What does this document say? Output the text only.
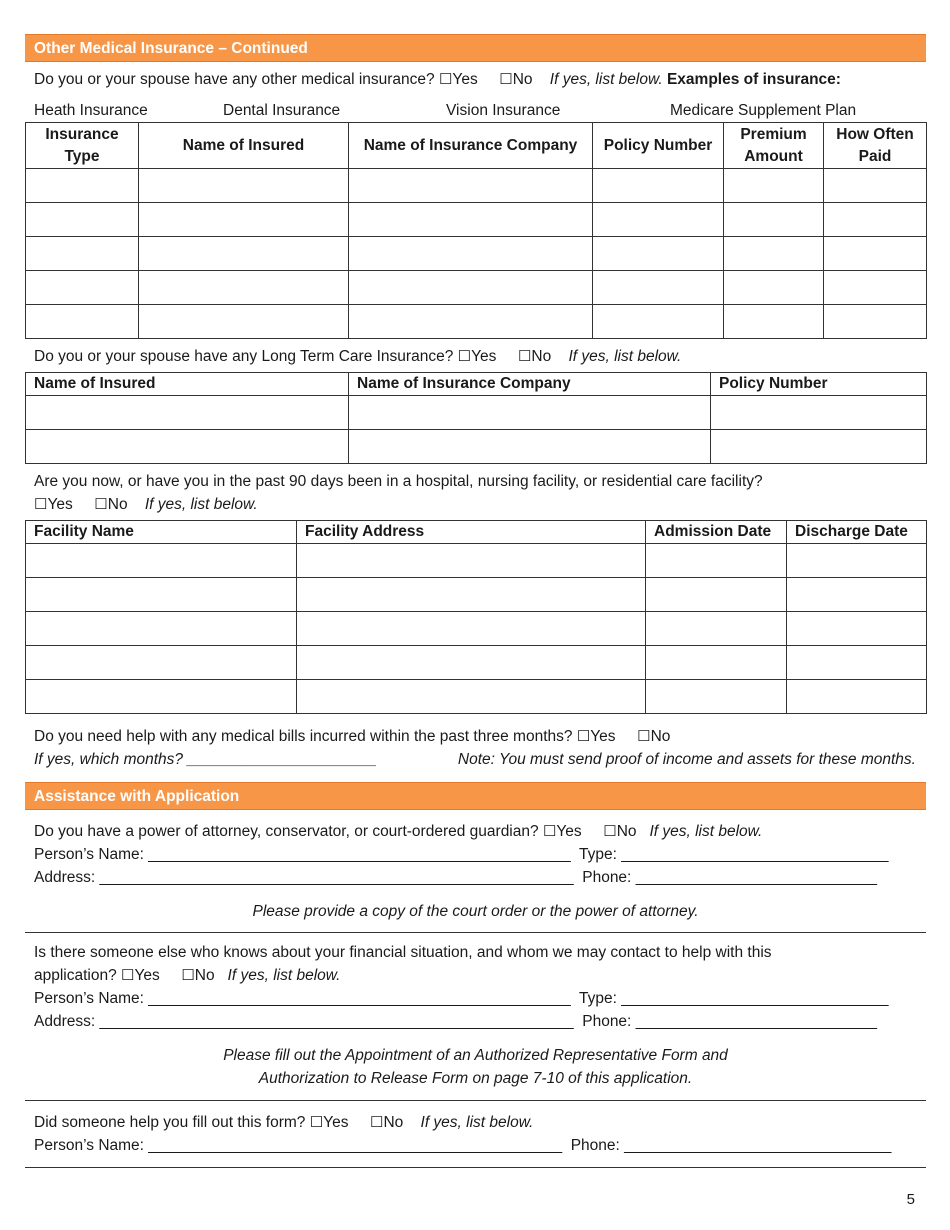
Other Medical Insurance – Continued
Do you or your spouse have any other medical insurance? ☐Yes ☐No If yes, list below. Examples of insurance:
Heath Insurance	Dental Insurance	Vision Insurance	Medicare Supplement Plan
Insurance Type	Name of Insured	Name of Insurance Company	Policy Number	Premium Amount	How Often Paid

Do you or your spouse have any Long Term Care Insurance? ☐Yes ☐No If yes, list below.
Name of Insured	Name of Insurance Company	Policy Number

Are you now, or have you in the past 90 days been in a hospital, nursing facility, or residential care facility?
☐Yes ☐No If yes, list below.
Facility Name	Facility Address	Admission Date	Discharge Date

Do you need help with any medical bills incurred within the past three months? ☐Yes ☐No
If yes, which months? ______________________	Note: You must send proof of income and assets for these months.
Assistance with Application
Do you have a power of attorney, conservator, or court-ordered guardian? ☐Yes ☐No If yes, list below.
Person’s Name: _________________________________________________ Type: _______________________________
Address: _______________________________________________________ Phone: ____________________________
Please provide a copy of the court order or the power of attorney.
Is there someone else who knows about your financial situation, and whom we may contact to help with this
application? ☐Yes ☐No If yes, list below.
Person’s Name: _________________________________________________ Type: _______________________________
Address: _______________________________________________________ Phone: ____________________________
Please fill out the Appointment of an Authorized Representative Form and
Authorization to Release Form on page 7-10 of this application.
Did someone help you fill out this form? ☐Yes ☐No If yes, list below.
Person’s Name: ________________________________________________ Phone: _______________________________
5
